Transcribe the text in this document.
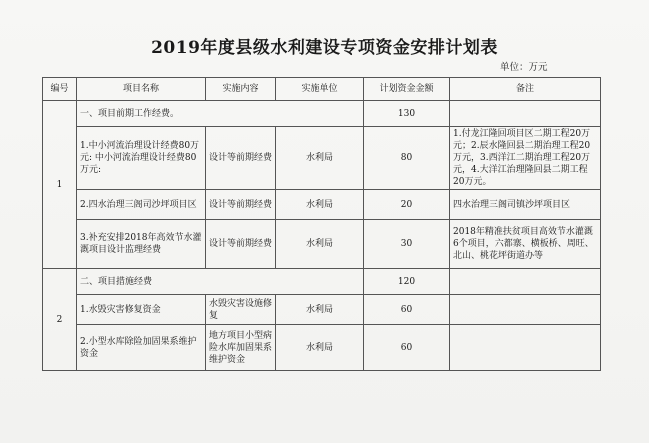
2019年度县级水利建设专项资金安排计划表
单位：万元
编号	项目名称	实施内容	实施单位	计划资金金额	备注
1	一、项目前期工作经费。			130	
	1.中小河流治理设计经费80万元: 中小河流治理设计经费80万元:	设计等前期经费	水利局	80	1.付龙江隆回项目区二期工程20万元；2.辰水隆回县二期治理工程20万元，3.西洋江二期治理工程20万元，4.大洋江治理隆回县二期工程20万元。
	2.四水治理三阁司沙坪项目区	设计等前期经费	水利局	20	四水治理三阁司镇沙坪项目区
	3.补充安排2018年高效节水灌溉项目设计监理经费	设计等前期经费	水利局	30	2018年精准扶贫项目高效节水灌溉6个项目，六都寨、横板桥、周旺、北山、桃花坪街道办等
2	二、项目措施经费			120	
	1.水毁灾害修复资金	水毁灾害设施修复	水利局	60	
	2.小型水库除险加固果系维护资金	地方项目小型病险水库加固果系维护资金	水利局	60	
